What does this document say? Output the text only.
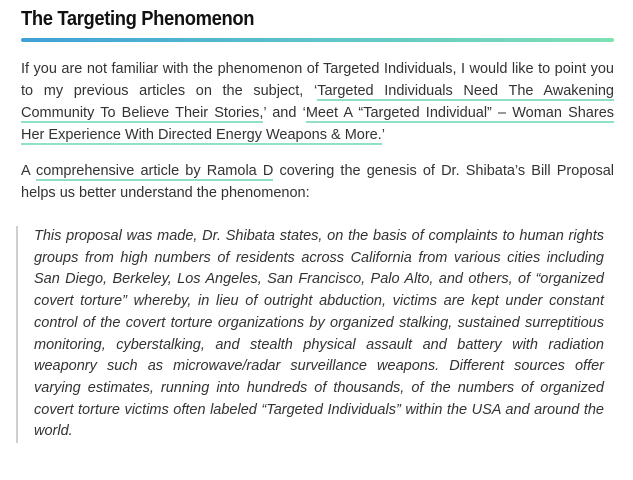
The Targeting Phenomenon

If you are not familiar with the phenomenon of Targeted Individuals, I would like to point you to my previous articles on the subject, ‘Targeted Individuals Need The Awakening Community To Believe Their Stories,’ and ‘Meet A “Targeted Individual” – Woman Shares Her Experience With Directed Energy Weapons & More.’

A comprehensive article by Ramola D covering the genesis of Dr. Shibata’s Bill Proposal helps us better understand the phenomenon:

This proposal was made, Dr. Shibata states, on the basis of complaints to human rights groups from high numbers of residents across California from various cities including San Diego, Berkeley, Los Angeles, San Francisco, Palo Alto, and others, of “organized covert torture” whereby, in lieu of outright abduction, victims are kept under constant control of the covert torture organizations by organized stalking, sustained surreptitious monitoring, cyberstalking, and stealth physical assault and battery with radiation weaponry such as microwave/radar surveillance weapons. Different sources offer varying estimates, running into hundreds of thousands, of the numbers of organized covert torture victims often labeled “Targeted Individuals” within the USA and around the world.
